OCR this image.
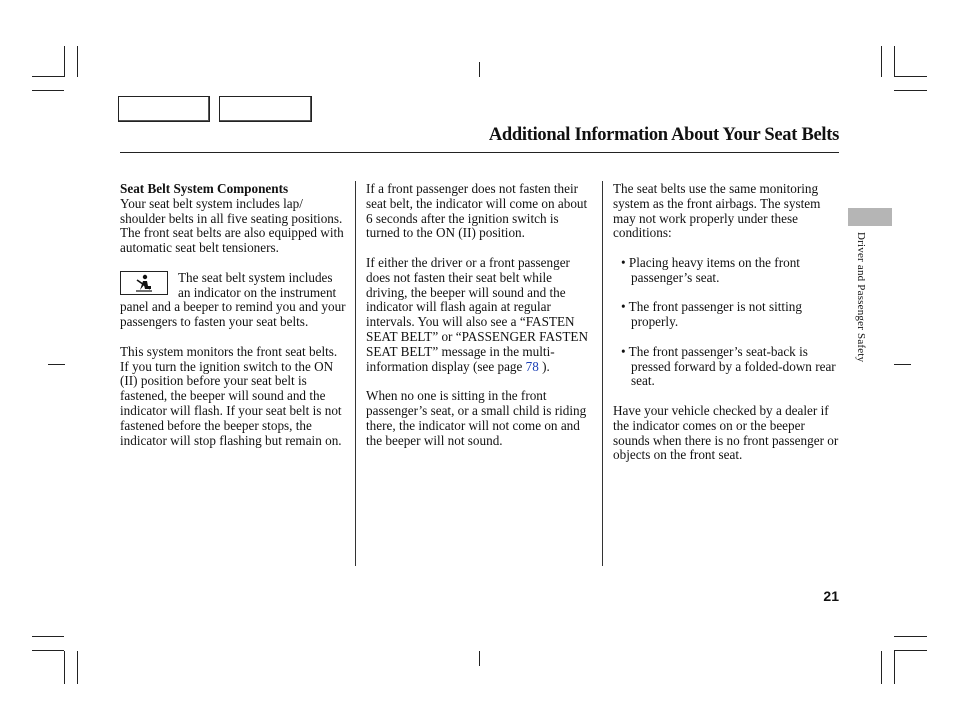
Additional Information About Your Seat Belts
Driver and Passenger Safety

Seat Belt System Components

Your seat belt system includes lap/ shoulder belts in all five seating positions. The front seat belts are also equipped with automatic seat belt tensioners.

The seat belt system includes an indicator on the instrument panel and a beeper to remind you and your passengers to fasten your seat belts.

This system monitors the front seat belts. If you turn the ignition switch to the ON (II) position before your seat belt is fastened, the beeper will sound and the indicator will flash. If your seat belt is not fastened before the beeper stops, the indicator will stop flashing but remain on.

If a front passenger does not fasten their seat belt, the indicator will come on about 6 seconds after the ignition switch is turned to the ON (II) position.

If either the driver or a front passenger does not fasten their seat belt while driving, the beeper will sound and the indicator will flash again at regular intervals. You will also see a “FASTEN SEAT BELT” or “PASSENGER FASTEN SEAT BELT” message in the multi-information display (see page 78 ).

When no one is sitting in the front passenger’s seat, or a small child is riding there, the indicator will not come on and the beeper will not sound.

The seat belts use the same monitoring system as the front airbags. The system may not work properly under these conditions:

• Placing heavy items on the front passenger’s seat.

• The front passenger is not sitting properly.

• The front passenger’s seat-back is pressed forward by a folded-down rear seat.

Have your vehicle checked by a dealer if the indicator comes on or the beeper sounds when there is no front passenger or objects on the front seat.

21
